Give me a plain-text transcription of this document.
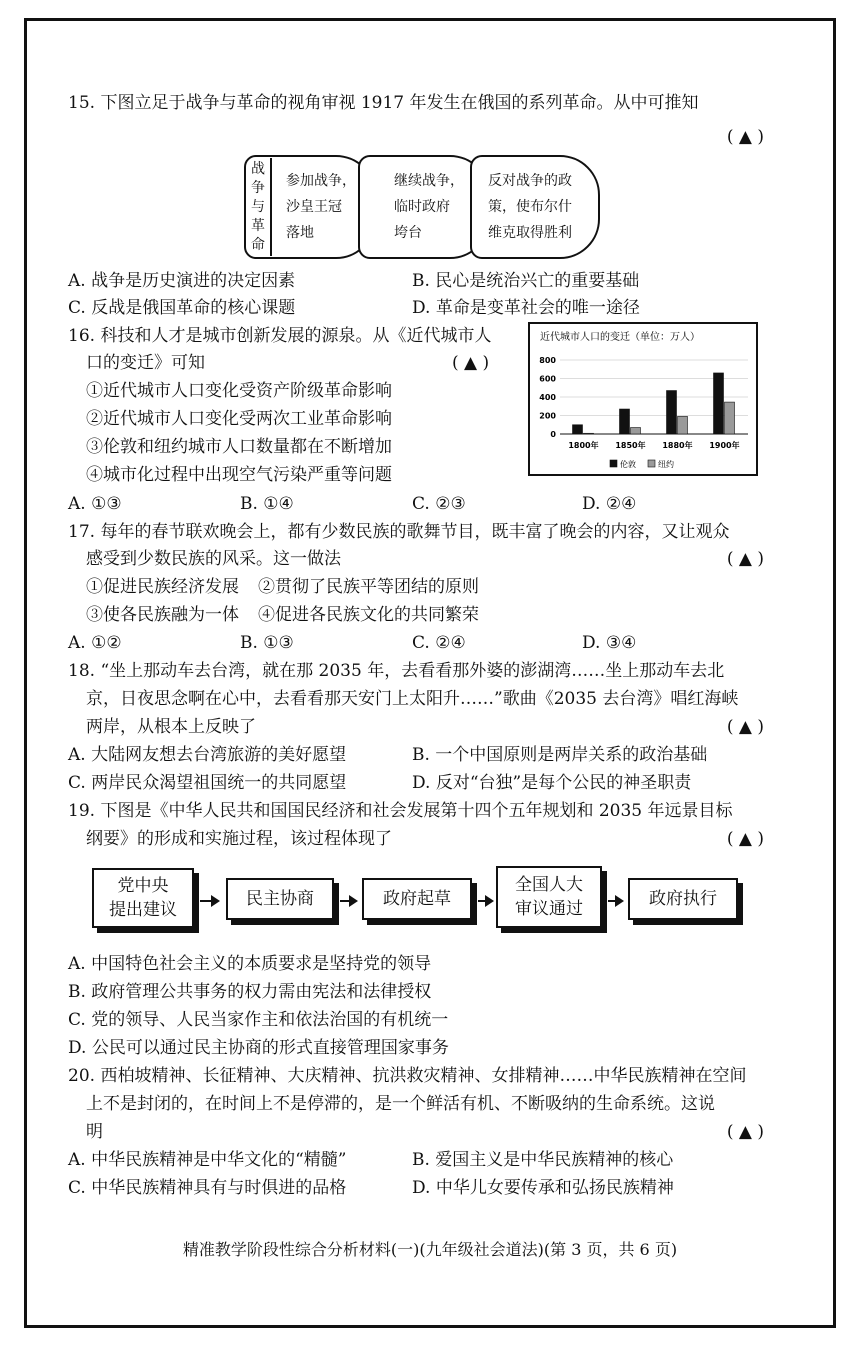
15. 下图立足于战争与革命的视角审视 1917 年发生在俄国的系列革命。从中可推知
( ▲ )
战
争
与
革
命
参加战争，
沙皇王冠
落地
继续战争，
临时政府
垮台
反对战争的政
策，使布尔什
维克取得胜利
A. 战争是历史演进的决定因素	B. 民心是统治兴亡的重要基础
C. 反战是俄国革命的核心课题	D. 革命是变革社会的唯一途径
16. 科技和人才是城市创新发展的源泉。从《近代城市人
口的变迁》可知	( ▲ )
①近代城市人口变化受资产阶级革命影响
②近代城市人口变化受两次工业革命影响
③伦敦和纽约城市人口数量都在不断增加
④城市化过程中出现空气污染严重等问题
近代城市人口的变迁（单位：万人）
0
200
400
600
800
1800年 1850年 1880年 1900年
伦敦	纽约
A. ①③	B. ①④	C. ②③	D. ②④
17. 每年的春节联欢晚会上，都有少数民族的歌舞节目，既丰富了晚会的内容，又让观众
感受到少数民族的风采。这一做法	( ▲ )
①促进民族经济发展 ②贯彻了民族平等团结的原则
③使各民族融为一体 ④促进各民族文化的共同繁荣
A. ①②	B. ①③	C. ②④	D. ③④
18. “坐上那动车去台湾，就在那 2035 年，去看看那外婆的澎湖湾……坐上那动车去北
京，日夜思念啊在心中，去看看那天安门上太阳升……”歌曲《2035 去台湾》唱红海峡
两岸，从根本上反映了	( ▲ )
A. 大陆网友想去台湾旅游的美好愿望	B. 一个中国原则是两岸关系的政治基础
C. 两岸民众渴望祖国统一的共同愿望	D. 反对“台独”是每个公民的神圣职责
19. 下图是《中华人民共和国国民经济和社会发展第十四个五年规划和 2035 年远景目标
纲要》的形成和实施过程，该过程体现了	( ▲ )
党中央
提出建议
民主协商	政府起草
全国人大
审议通过	政府执行
A. 中国特色社会主义的本质要求是坚持党的领导
B. 政府管理公共事务的权力需由宪法和法律授权
C. 党的领导、人民当家作主和依法治国的有机统一
D. 公民可以通过民主协商的形式直接管理国家事务
20. 西柏坡精神、长征精神、大庆精神、抗洪救灾精神、女排精神……中华民族精神在空间
上不是封闭的，在时间上不是停滞的，是一个鲜活有机、不断吸纳的生命系统。这说
明	( ▲ )
A. 中华民族精神是中华文化的“精髓”	B. 爱国主义是中华民族精神的核心
C. 中华民族精神具有与时俱进的品格	D. 中华儿女要传承和弘扬民族精神
精准教学阶段性综合分析材料(一)(九年级社会道法)(第 3 页，共 6 页)
